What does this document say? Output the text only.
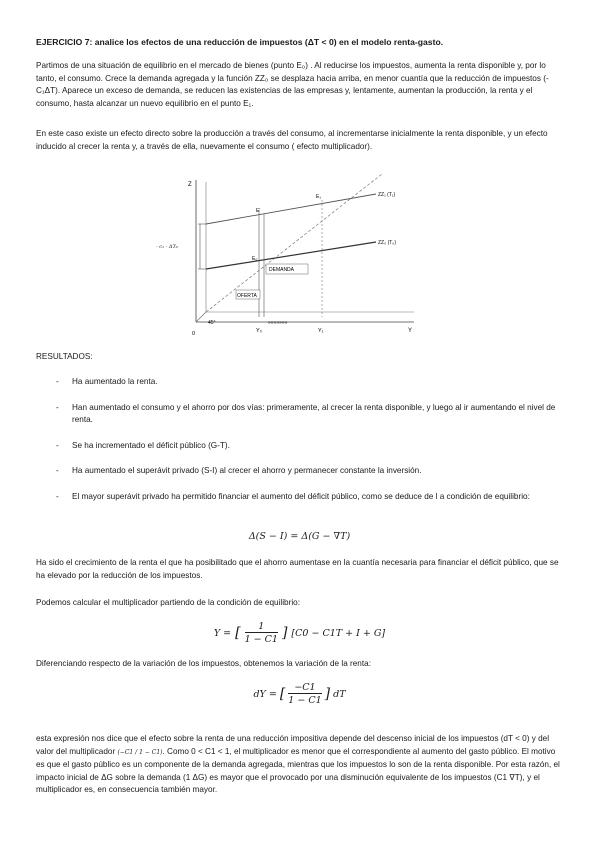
EJERCICIO 7: analice los efectos de una reducción de impuestos (ΔT < 0) en el modelo renta-gasto.

Partimos de una situación de equilibrio en el mercado de bienes (punto E₀) . Al reducirse los impuestos, aumenta la renta disponible y, por lo tanto, el consumo. Crece la demanda agregada y la función ZZ₀ se desplaza hacia arriba, en menor cuantía que la reducción de impuestos (-C₁ΔT). Aparece un exceso de demanda, se reducen las existencias de las empresas y, lentamente, aumentan la producción, la renta y el consumo, hasta alcanzar un nuevo equilibrio en el punto E₁.

En este caso existe un efecto directo sobre la producción a través del consumo, al incrementarse inicialmente la renta disponible, y un efecto inducido al crecer la renta y, a través de ella, nuevamente el consumo ( efecto multiplicador).

Z
Y
0
45°
ZZ₁ (T₁)
ZZ₀ (T₀)
E₁
E'
E₀
DEMANDA
OFERTA
Y₀	Y₁
»»»»»»»
- c₁ · ΔT₀
RESULTADOS:
- Ha aumentado la renta.
- Han aumentado el consumo y el ahorro por dos vías: primeramente, al crecer la renta disponible, y luego al ir aumentando el nivel de renta.
- Se ha incrementado el déficit público (G-T).
- Ha aumentado el superávit privado (S-I) al crecer el ahorro y permanecer constante la inversión.
- El mayor superávit privado ha permitido financiar el aumento del déficit público, como se deduce de l a condición de equilibrio:
Δ(S − I) = Δ(G − ∇T)

Ha sido el crecimiento de la renta el que ha posibilitado que el ahorro aumentase en la cuantía necesaria para financiar el déficit público, que se ha elevado por la reducción de los impuestos.

Podemos calcular el multiplicador partiendo de la condición de equilibrio:

Y = [ 1
1 − C1 ] [C0 − C1T + I + G]

Diferenciando respecto de la variación de los impuestos, obtenemos la variación de la renta:

dY = [ −C1
1 − C1 ] dT

esta expresión nos dice que el efecto sobre la renta de una reducción impositiva depende del descenso inicial de los impuestos (dT < 0) y del valor del multiplicador (−C1 / 1 − C1). Como 0 < C1 < 1, el multiplicador es menor que el correspondiente al aumento del gasto público. El motivo es que el gasto público es un componente de la demanda agregada, mientras que los impuestos lo son de la renta disponible. Por esta razón, el impacto inicial de ΔG sobre la demanda (1 ΔG) es mayor que el provocado por una disminución equivalente de los impuestos (C1 ∇T), y el multiplicador es, en consecuencia también mayor.
